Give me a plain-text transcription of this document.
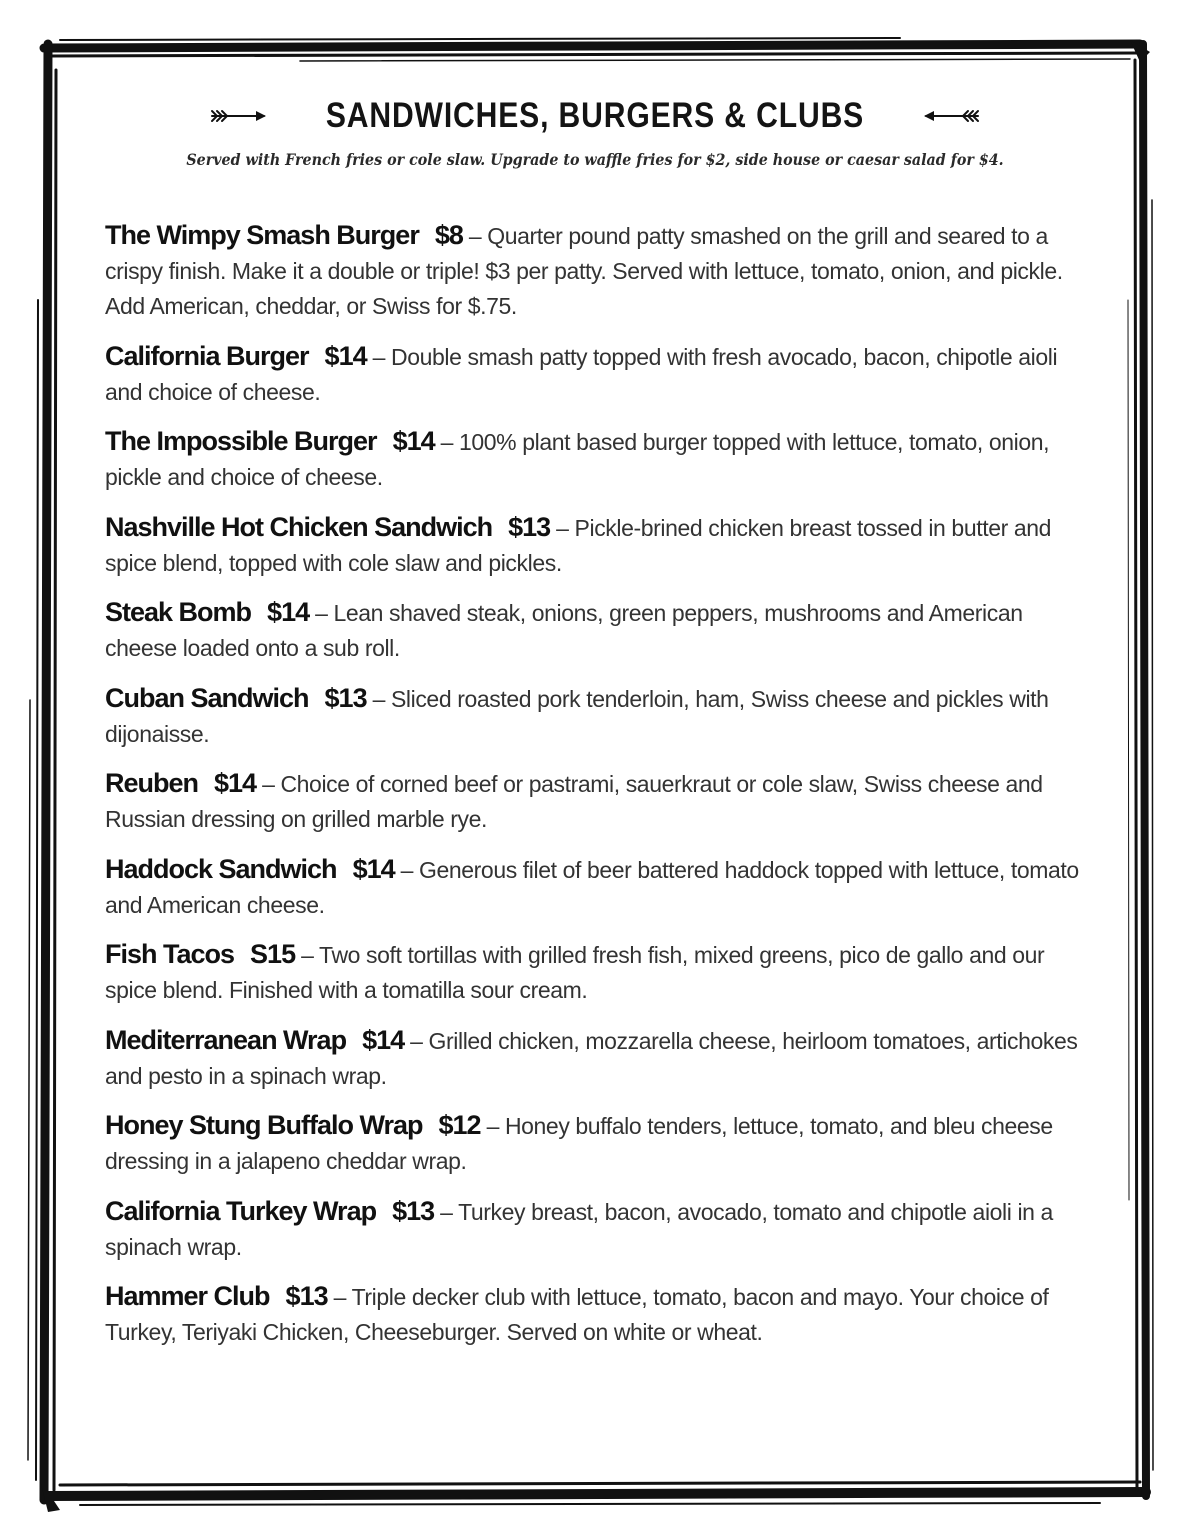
SANDWICHES, BURGERS & CLUBS
Served with French fries or cole slaw. Upgrade to waffle fries for $2, side house or caesar salad for $4.
The Wimpy Smash Burger $8 – Quarter pound patty smashed on the grill and seared to a crispy finish. Make it a double or triple! $3 per patty. Served with lettuce, tomato, onion, and pickle. Add American, cheddar, or Swiss for $.75.
California Burger $14 – Double smash patty topped with fresh avocado, bacon, chipotle aioli and choice of cheese.
The Impossible Burger $14 – 100% plant based burger topped with lettuce, tomato, onion, pickle and choice of cheese.
Nashville Hot Chicken Sandwich $13 – Pickle-brined chicken breast tossed in butter and spice blend, topped with cole slaw and pickles.
Steak Bomb $14 – Lean shaved steak, onions, green peppers, mushrooms and American cheese loaded onto a sub roll.
Cuban Sandwich $13 – Sliced roasted pork tenderloin, ham, Swiss cheese and pickles with dijonaisse.
Reuben $14 – Choice of corned beef or pastrami, sauerkraut or cole slaw, Swiss cheese and Russian dressing on grilled marble rye.
Haddock Sandwich $14 – Generous filet of beer battered haddock topped with lettuce, tomato and American cheese.
Fish Tacos S15 – Two soft tortillas with grilled fresh fish, mixed greens, pico de gallo and our spice blend. Finished with a tomatilla sour cream.
Mediterranean Wrap $14 – Grilled chicken, mozzarella cheese, heirloom tomatoes, artichokes and pesto in a spinach wrap.
Honey Stung Buffalo Wrap $12 – Honey buffalo tenders, lettuce, tomato, and bleu cheese dressing in a jalapeno cheddar wrap.
California Turkey Wrap $13 – Turkey breast, bacon, avocado, tomato and chipotle aioli in a spinach wrap.
Hammer Club $13 – Triple decker club with lettuce, tomato, bacon and mayo. Your choice of Turkey, Teriyaki Chicken, Cheeseburger. Served on white or wheat.
